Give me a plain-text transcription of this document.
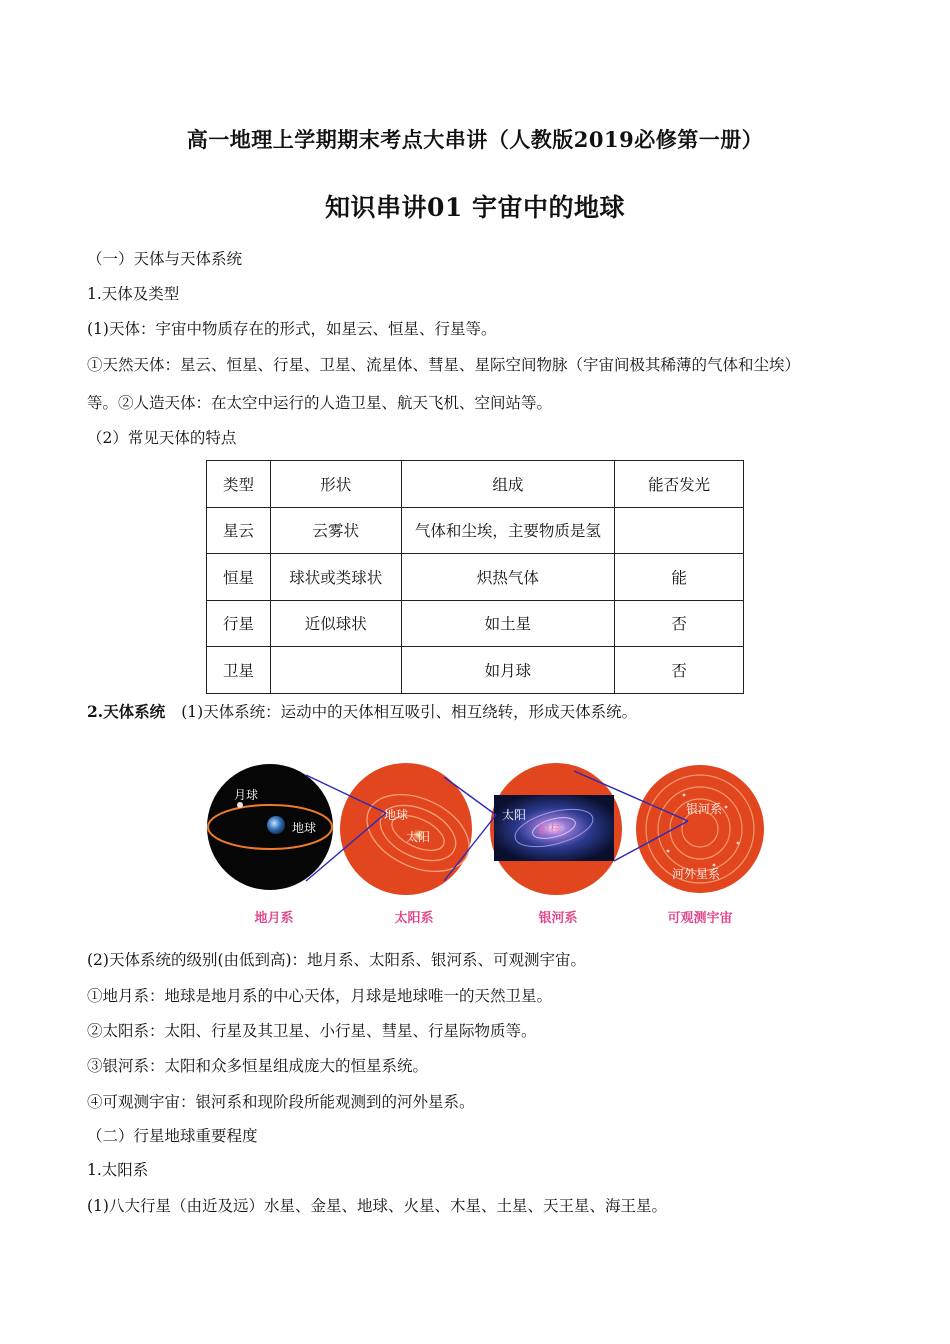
高一地理上学期期末考点大串讲（人教版2019必修第一册）
知识串讲01 宇宙中的地球
（一）天体与天体系统
1.天体及类型
(1)天体：宇宙中物质存在的形式，如星云、恒星、行星等。
①天然天体：星云、恒星、行星、卫星、流星体、彗星、星际空间物脉（宇宙间极其稀薄的气体和尘埃）
等。②人造天体：在太空中运行的人造卫星、航天飞机、空间站等。
（2）常见天体的特点
类型	形状	组成	能否发光
星云	云雾状	气体和尘埃，主要物质是氢	
恒星	球状或类球状	炽热气体	能
行星	近似球状	如土星	否
卫星		如月球	否
2.天体系统 (1)天体系统：运动中的天体相互吸引、相互绕转，形成天体系统。
月球
地球
地球
太阳
太阳
银核
银河系
河外星系
地月系	太阳系	银河系	可观测宇宙
(2)天体系统的级别(由低到高)：地月系、太阳系、银河系、可观测宇宙。
①地月系：地球是地月系的中心天体，月球是地球唯一的天然卫星。
②太阳系：太阳、行星及其卫星、小行星、彗星、行星际物质等。
③银河系：太阳和众多恒星组成庞大的恒星系统。
④可观测宇宙：银河系和现阶段所能观测到的河外星系。
（二）行星地球重要程度
1.太阳系
(1)八大行星（由近及远）水星、金星、地球、火星、木星、土星、天王星、海王星。
